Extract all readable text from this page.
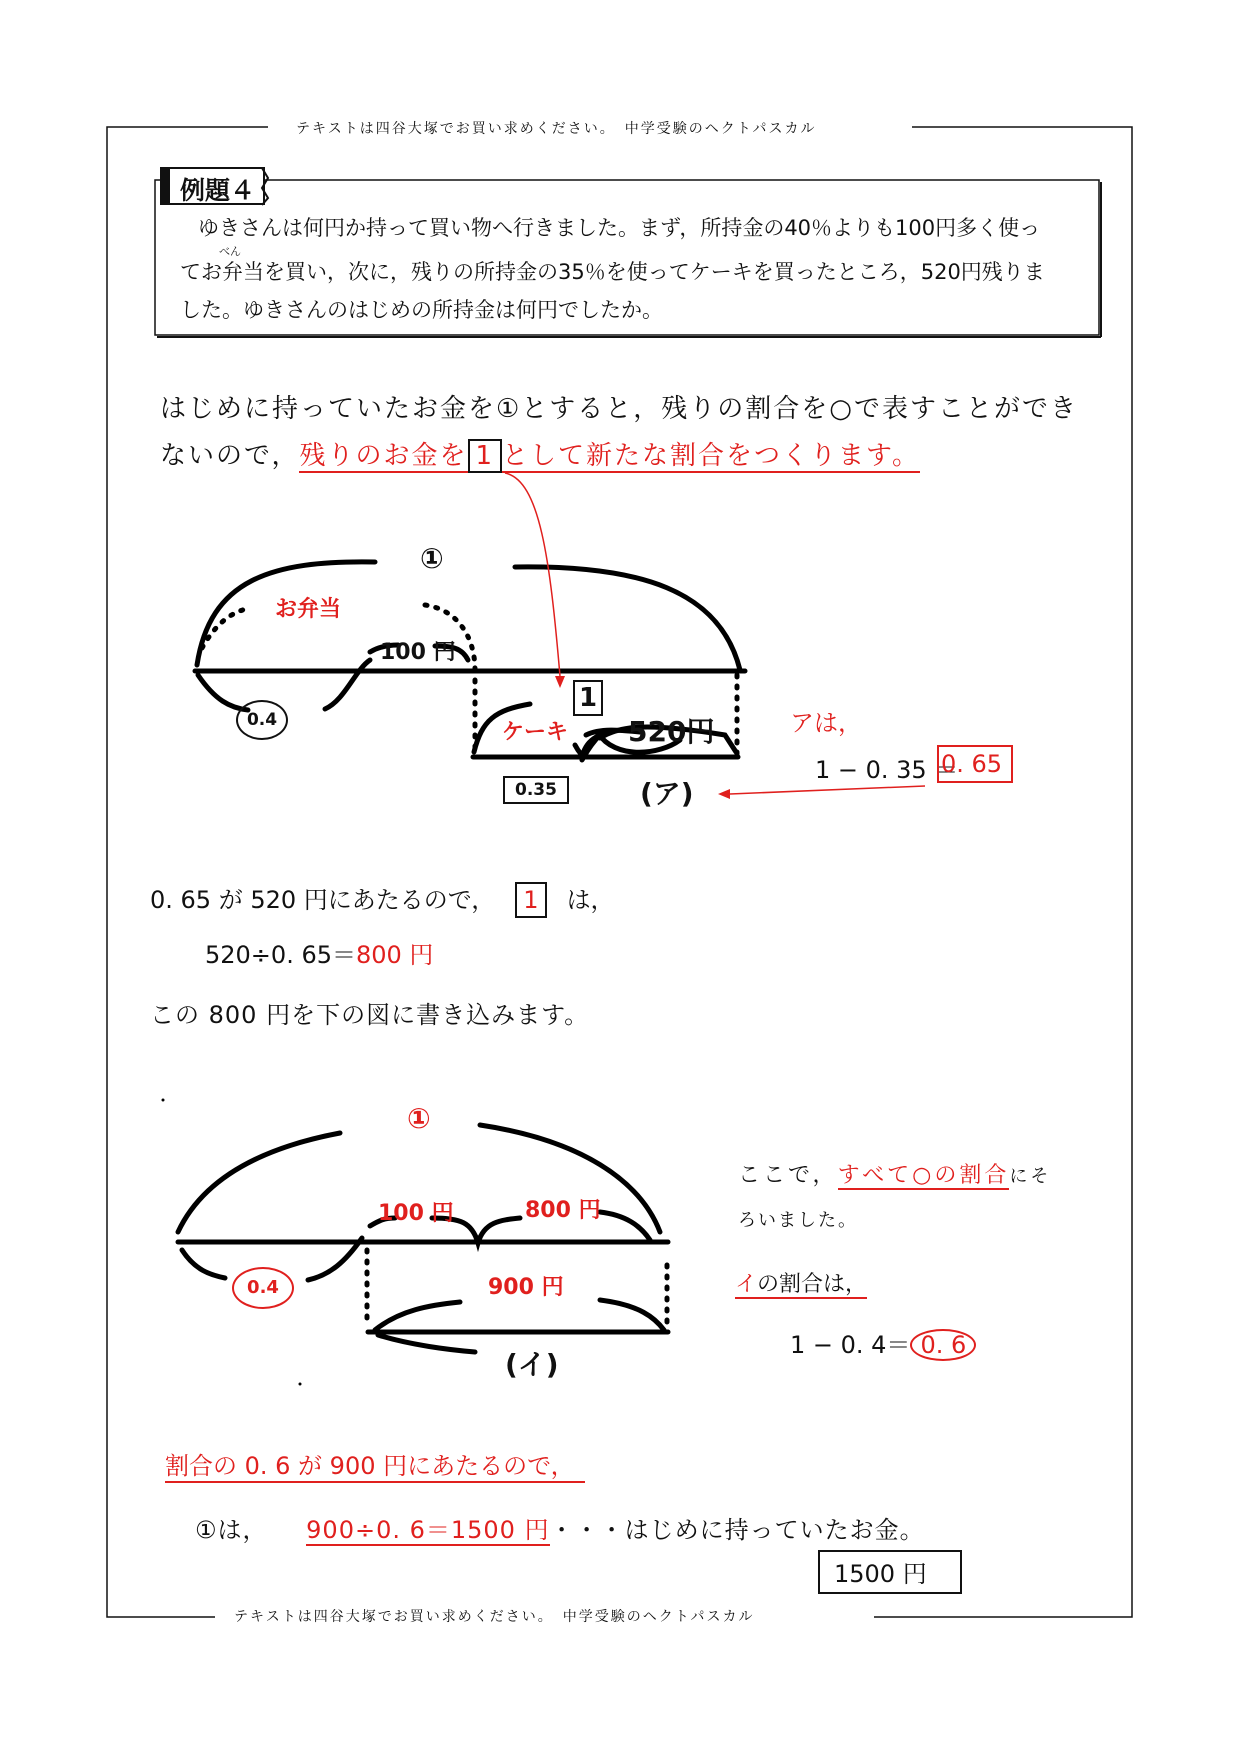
テキストは四谷大塚でお買い求めください。　中学受験のヘクトパスカル
テキストは四谷大塚でお買い求めください。　中学受験のヘクトパスカル
例題４
べん
ゆきさんは何円か持って買い物へ行きました。まず，所持金の40％よりも100円多く使っ
てお弁当を買い，次に，残りの所持金の35％を使ってケーキを買ったところ，520円残りま
した。ゆきさんのはじめの所持金は何円でしたか。
はじめに持っていたお金を①とすると，残りの割合を○で表すことができ
ないので，残りのお金を 1 として新たな割合をつくります。
①
お弁当
100 円
1
ケーキ 520円
0.4
0.35	(ア)
アは，
1 − 0. 35 ＝
0. 65
0. 65 が 520 円にあたるので， 1 は，
520÷0. 65＝800 円
この 800 円を下の図に書き込みます。
①
100 円	800 円
900 円
0.4
(イ)
ここで，すべて○の割合にそ
ろいました。
イの割合は，
1 − 0. 4＝ 0. 6
割合の 0. 6 が 900 円にあたるので，
①は， 900÷0. 6＝1500 円・・・はじめに持っていたお金。
1500 円
